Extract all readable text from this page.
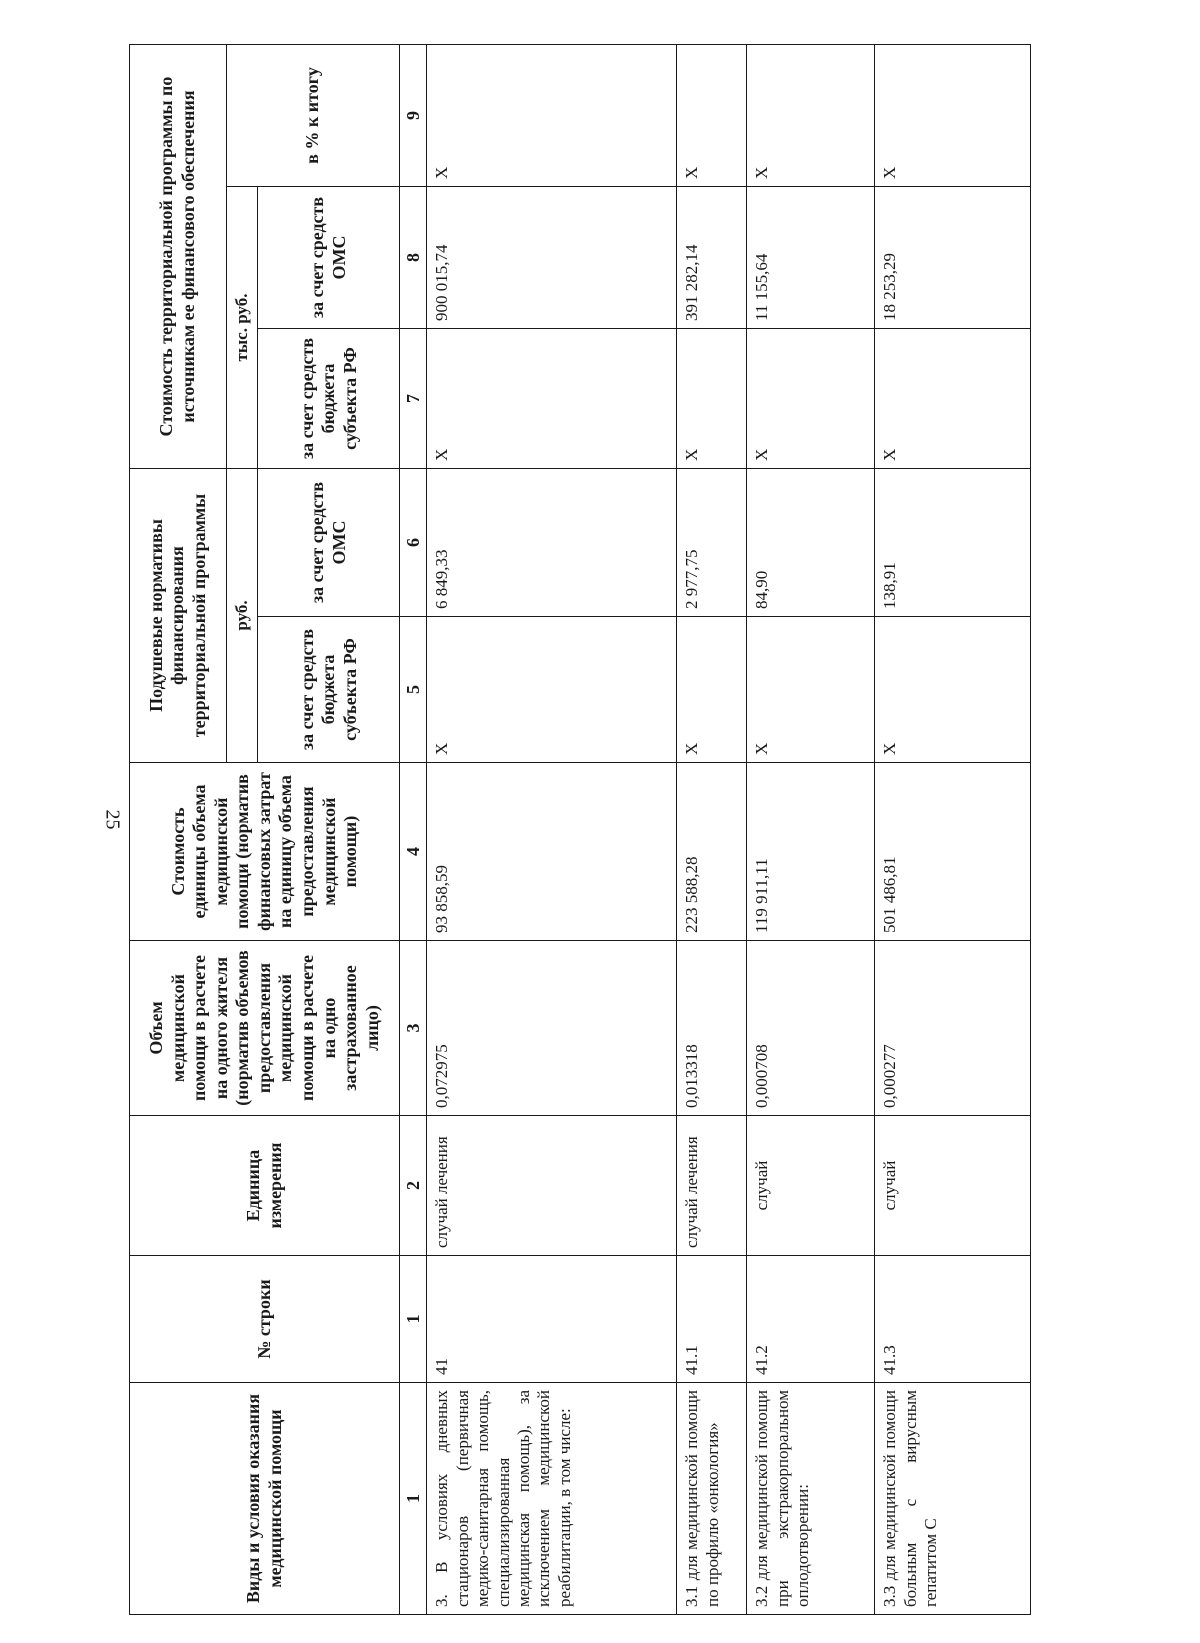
25
Виды и условия оказания медицинской помощи	№ строки	Единица измерения	Объем медицинской помощи в расчете на одного жителя (норматив объемов предоставления медицинской помощи в расчете на одно застрахованное лицо)	Стоимость единицы объема медицинской помощи (норматив финансовых затрат на единицу объема предоставления медицинской помощи)	Подушевые нормативы финансирования территориальной программы		Стоимость территориальной программы по источникам ее финансового обеспечения		
					руб.		тыс. руб.		в % к итогу
					за счет средств бюджета субъекта РФ	за счет средств ОМС	за счет средств бюджета субъекта РФ	за счет средств ОМС	
1	1	2	3	4	5	6	7	8	9
3. В условиях дневных стационаров (первичная медико-санитарная помощь, специализированная медицинская помощь), за исключением медицинской реабилитации, в том числе:	41	случай лечения	0,072975	93 858,59	X	6 849,33	X	900 015,74	X
3.1 для медицинской помощи по профилю «онкология»	41.1	случай лечения	0,013318	223 588,28	X	2 977,75	X	391 282,14	X
3.2 для медицинской помощи при экстракорпоральном оплодотворении:	41.2	случай	0,000708	119 911,11	X	84,90	X	11 155,64	X
3.3 для медицинской помощи больным с вирусным гепатитом С	41.3	случай	0,000277	501 486,81	X	138,91	X	18 253,29	X
